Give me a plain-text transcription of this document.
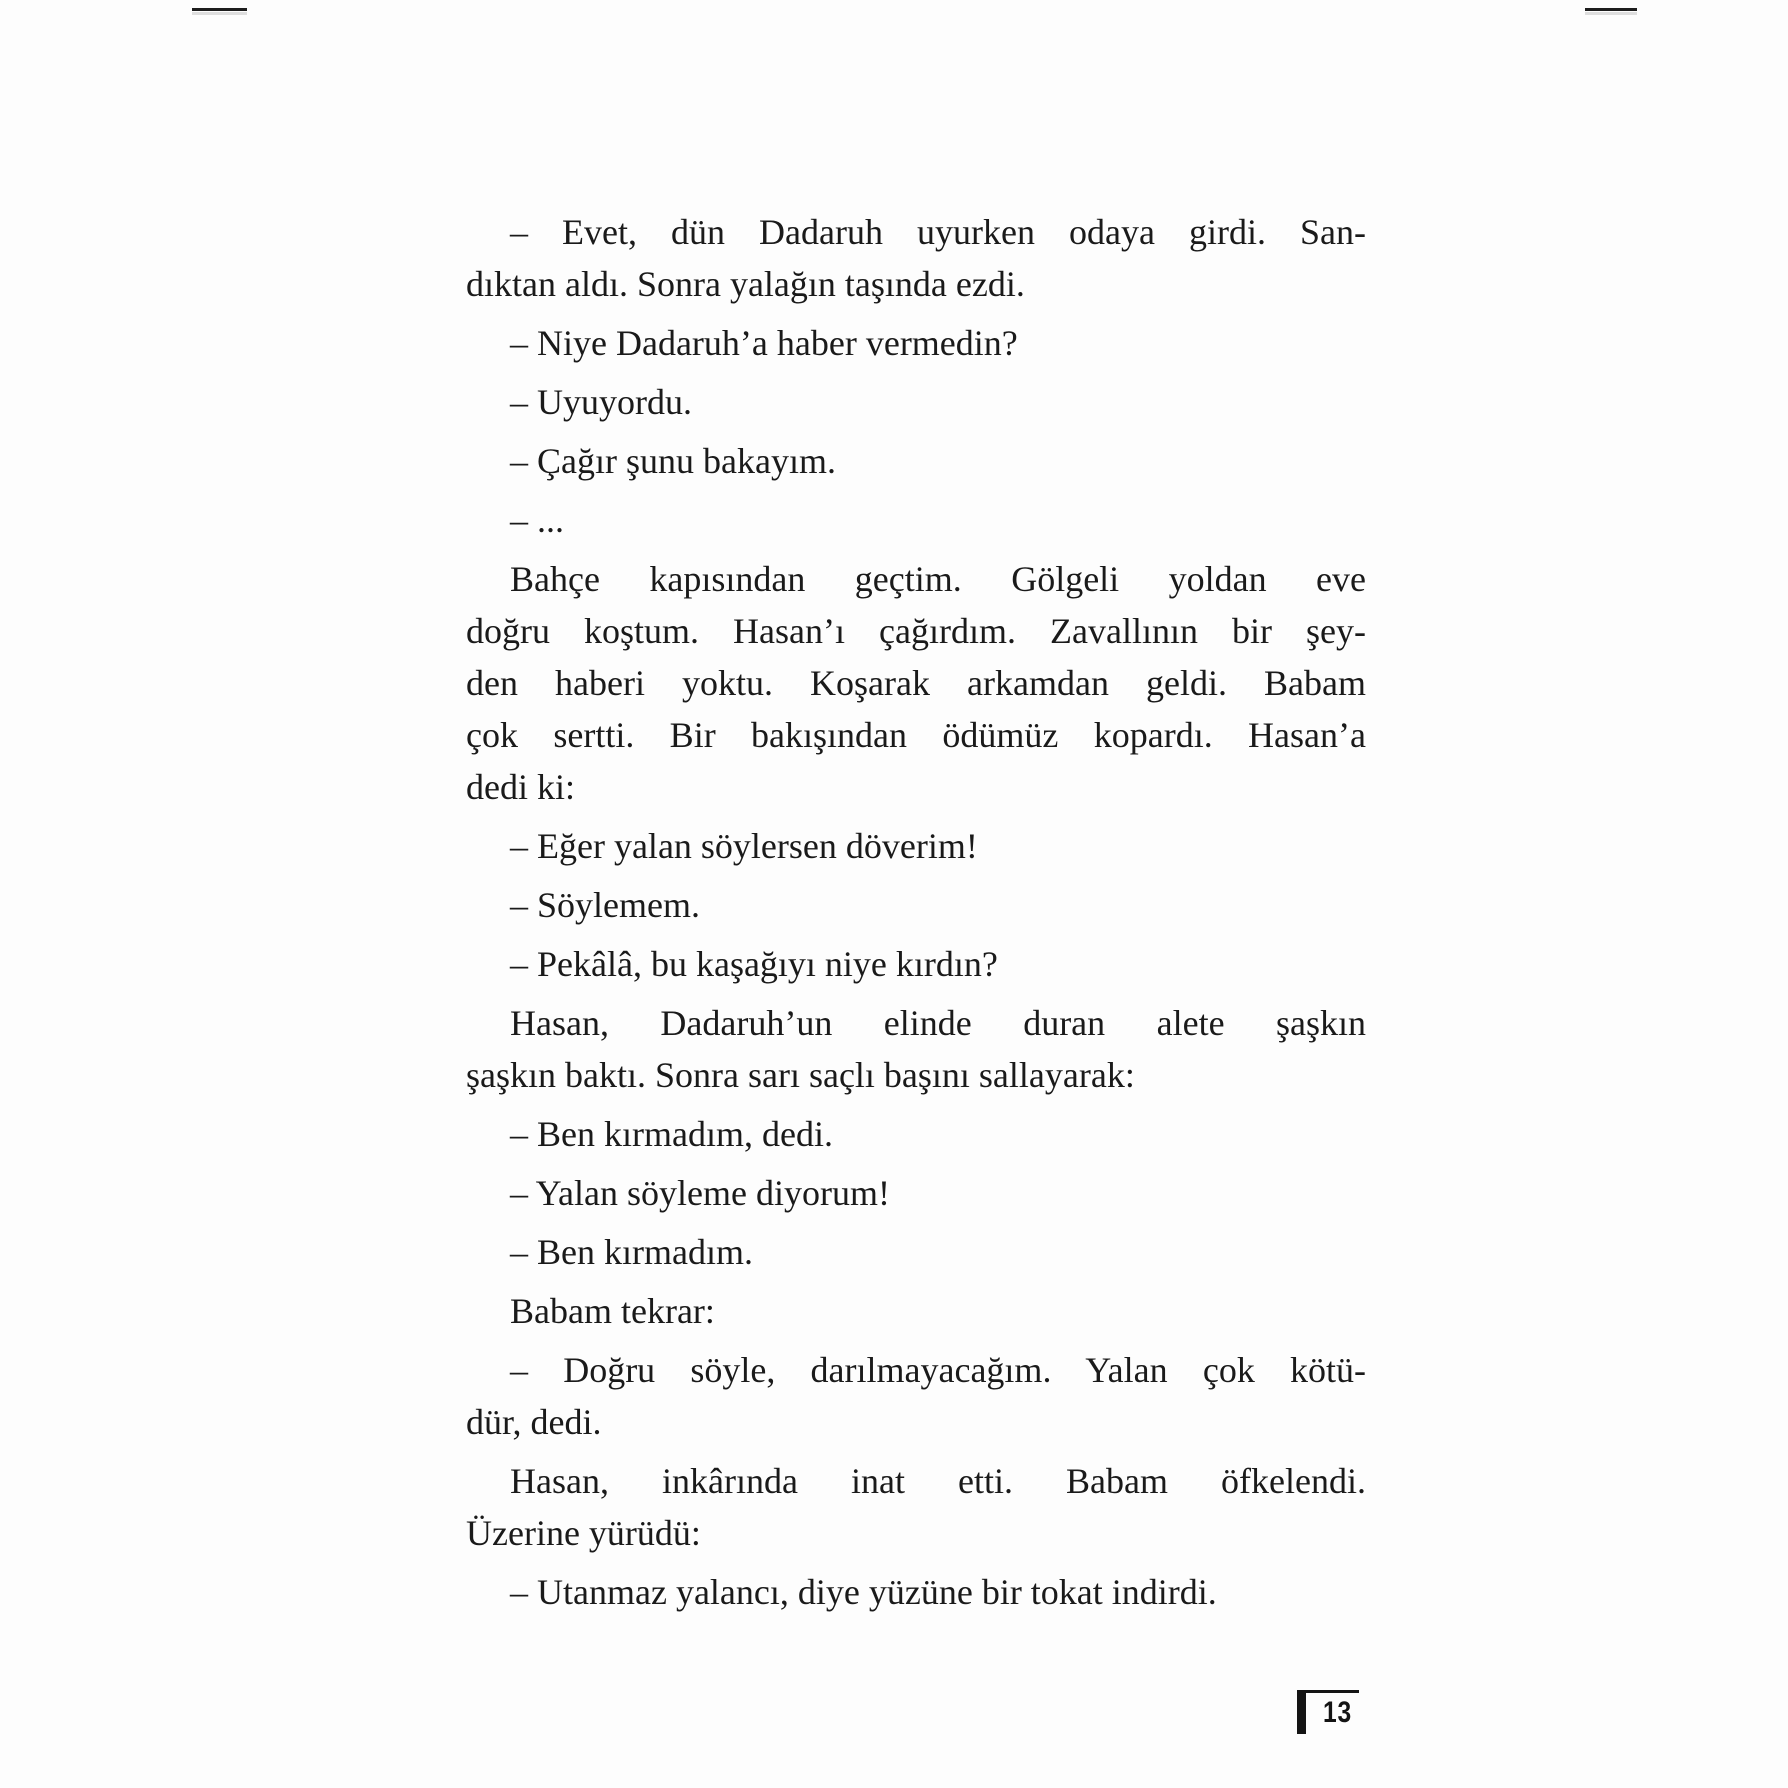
– Evet, dün Dadaruh uyurken odaya girdi. San-
dıktan aldı. Sonra yalağın taşında ezdi.

– Niye Dadaruh’a haber vermedin?

– Uyuyordu.

– Çağır şunu bakayım.

– ...

Bahçe kapısından geçtim. Gölgeli yoldan eve
doğru koştum. Hasan’ı çağırdım. Zavallının bir şey-
den haberi yoktu. Koşarak arkamdan geldi. Babam
çok sertti. Bir bakışından ödümüz kopardı. Hasan’a
dedi ki:

– Eğer yalan söylersen döverim!

– Söylemem.

– Pekâlâ, bu kaşağıyı niye kırdın?

Hasan, Dadaruh’un elinde duran alete şaşkın
şaşkın baktı. Sonra sarı saçlı başını sallayarak:

– Ben kırmadım, dedi.

– Yalan söyleme diyorum!

– Ben kırmadım.

Babam tekrar:

– Doğru söyle, darılmayacağım. Yalan çok kötü-
dür, dedi.

Hasan, inkârında inat etti. Babam öfkelendi.
Üzerine yürüdü:

– Utanmaz yalancı, diye yüzüne bir tokat indirdi.

13
